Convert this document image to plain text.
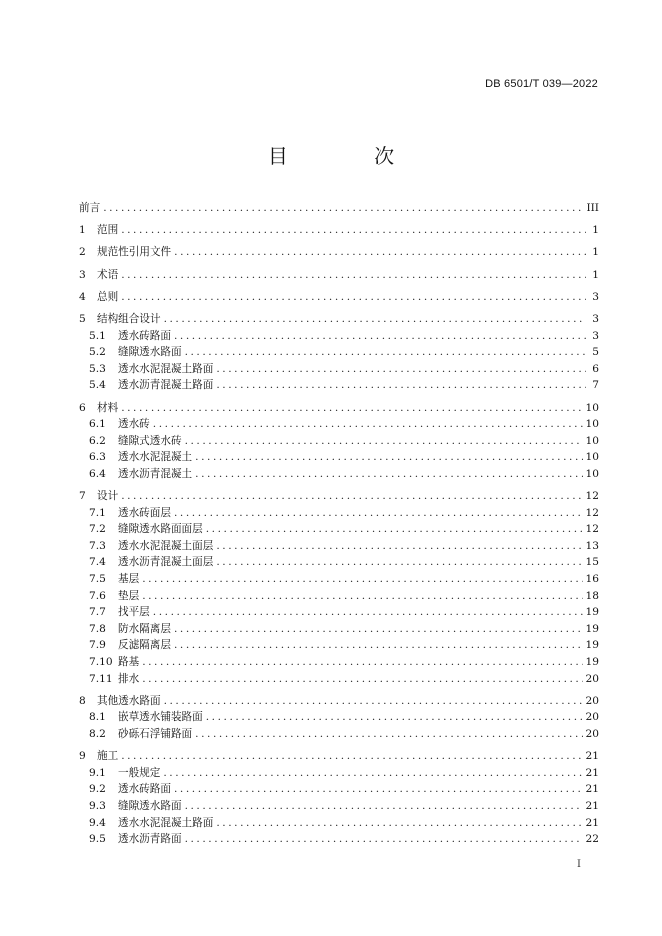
DB 6501/T 039—2022
目 次
前言 . . .	III
1	范围 . . .	1
2	规范性引用文件 . . .	1
3	术语 . . .	1
4	总则 . . .	3
5	结构组合设计 . . .	3
5.1	透水砖路面 . . .	3
5.2	缝隙透水路面 . . .	5
5.3	透水水泥混凝土路面 . . .	6
5.4	透水沥青混凝土路面 . . .	7
6	材料 . . .	10
6.1	透水砖 . . .	10
6.2	缝隙式透水砖 . . .	10
6.3	透水水泥混凝土 . . .	10
6.4	透水沥青混凝土 . . .	10
7	设计 . . .	12
7.1	透水砖面层 . . .	12
7.2	缝隙透水路面面层 . . .	12
7.3	透水水泥混凝土面层 . . .	13
7.4	透水沥青混凝土面层 . . .	15
7.5	基层 . . .	16
7.6	垫层 . . .	18
7.7	找平层 . . .	19
7.8	防水隔离层 . . .	19
7.9	反滤隔离层 . . .	19
7.10 路基 . . .	19
7.11 排水 . . .	20
8	其他透水路面 . . .	20
8.1	嵌草透水铺装路面 . . .	20
8.2	砂砾石浮铺路面 . . .	20
9	施工 . . .	21
9.1	一般规定 . . .	21
9.2	透水砖路面 . . .	21
9.3	缝隙透水路面 . . .	21
9.4	透水水泥混凝土路面 . . .	21
9.5	透水沥青路面 . . .	22
I
